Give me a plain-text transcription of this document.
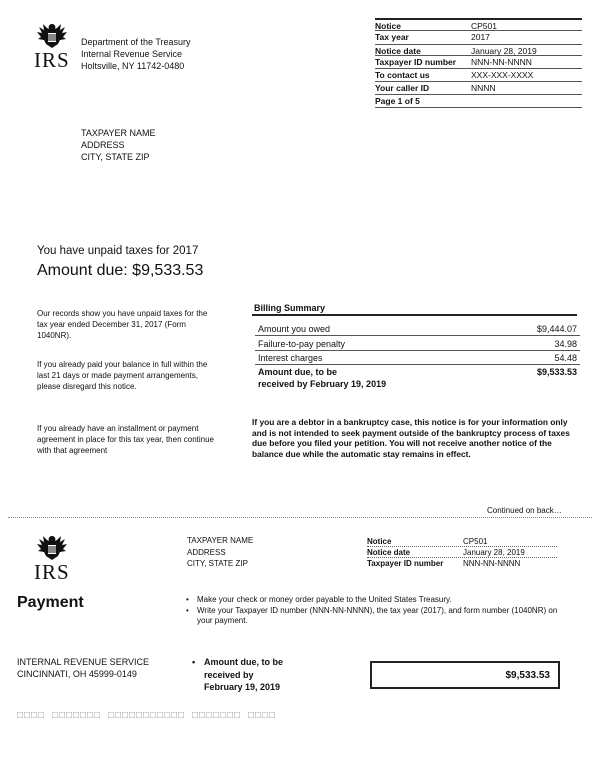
IRS
Department of the Treasury
Internal Revenue Service
Holtsville, NY 11742-0480
Notice	CP501
Tax year	2017
Notice date	January 28, 2019
Taxpayer ID number	NNN-NN-NNNN
To contact us	XXX-XXX-XXXX
Your caller ID	NNNN
Page 1 of 5
TAXPAYER NAME
ADDRESS
CITY, STATE ZIP
You have unpaid taxes for 2017
Amount due: $9,533.53
Our records show you have unpaid taxes for the tax year ended December 31, 2017 (Form 1040NR).
If you already paid your balance in full within the last 21 days or made payment arrangements, please disregard this notice.
If you already have an installment or payment agreement in place for this tax year, then continue with that agreement
Billing Summary
Amount you owed	$9,444.07
Failure-to-pay penalty	34.98
Interest charges	54.48
Amount due, to be
received by February 19, 2019
$9,533.53
If you are a debtor in a bankruptcy case, this notice is for your information only and is not intended to seek payment outside of the bankruptcy process of taxes due before you filed your petition. You will not receive another notice of the balance due while the automatic stay remains in effect.
Continued on back…
IRS
Payment
TAXPAYER NAME
ADDRESS
CITY, STATE ZIP
Notice	CP501
Notice date	January 28, 2019
Taxpayer ID number	NNN-NN-NNNN
• Make your check or money order payable to the United States Treasury.
• Write your Taxpayer ID number (NNN-NN-NNNN), the tax year (2017), and form number (1040NR) on your payment.
INTERNAL REVENUE SERVICE
CINCINNATI, OH 45999-0149
• Amount due, to be
received by
February 19, 2019
$9,533.53
□□□□ □□□□□□□ □□□□□□□□□□□ □□□□□□□ □□□□
